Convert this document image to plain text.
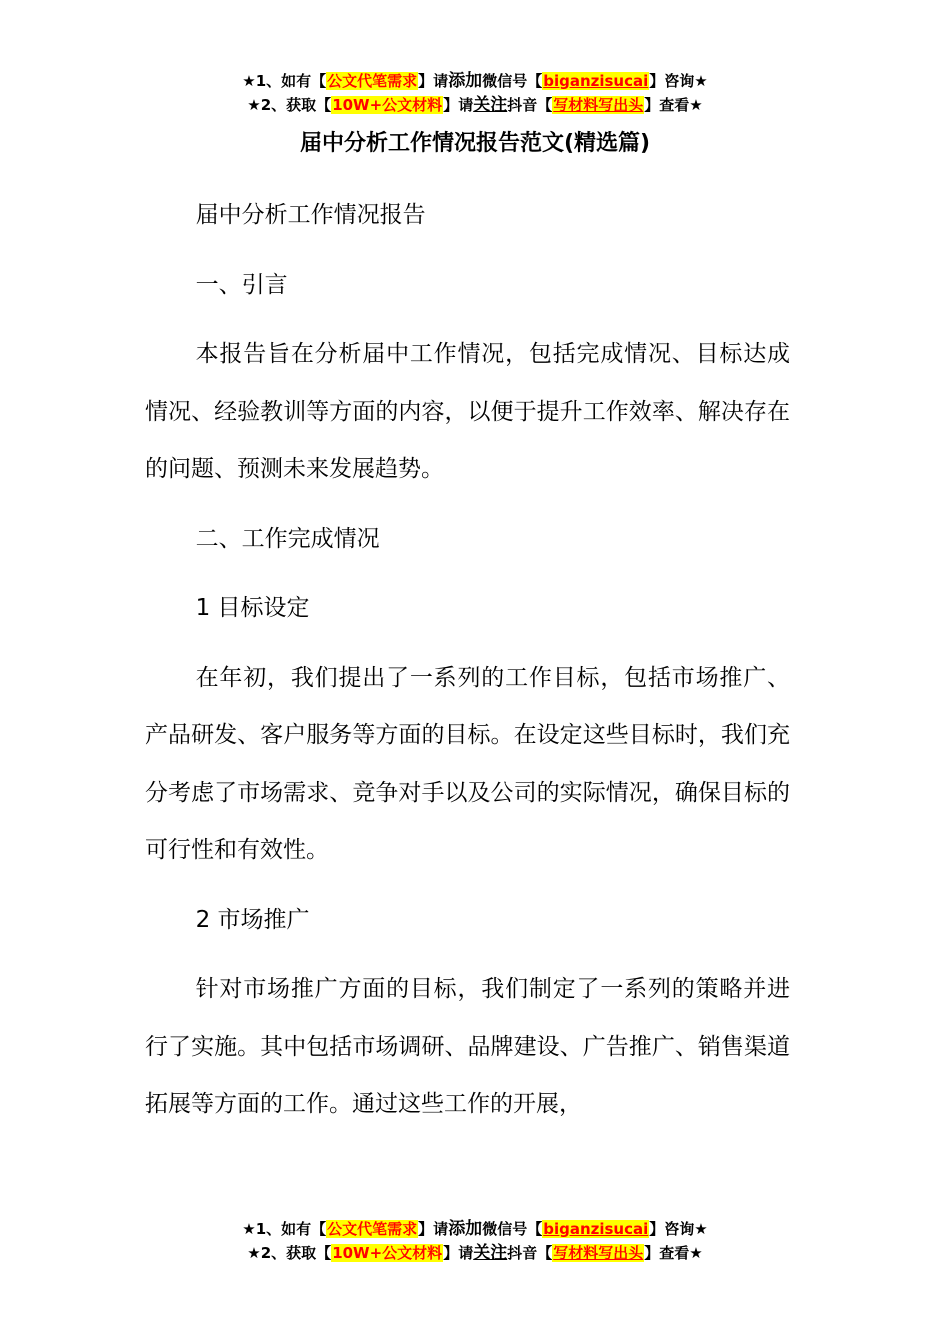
★1、如有【公文代笔需求】请添加微信号【biganzisucai】咨询★
★2、获取【10W+公文材料】请关注抖音【写材料写出头】查看★
届中分析工作情况报告范文(精选篇)

届中分析工作情况报告

一、引言

本报告旨在分析届中工作情况，包括完成情况、目标达成情况、经验教训等方面的内容，以便于提升工作效率、解决存在的问题、预测未来发展趋势。

二、工作完成情况

1 目标设定

在年初，我们提出了一系列的工作目标，包括市场推广、产品研发、客户服务等方面的目标。在设定这些目标时，我们充分考虑了市场需求、竞争对手以及公司的实际情况，确保目标的可行性和有效性。

2 市场推广

针对市场推广方面的目标，我们制定了一系列的策略并进行了实施。其中包括市场调研、品牌建设、广告推广、销售渠道拓展等方面的工作。通过这些工作的开展，

★1、如有【公文代笔需求】请添加微信号【biganzisucai】咨询★
★2、获取【10W+公文材料】请关注抖音【写材料写出头】查看★
